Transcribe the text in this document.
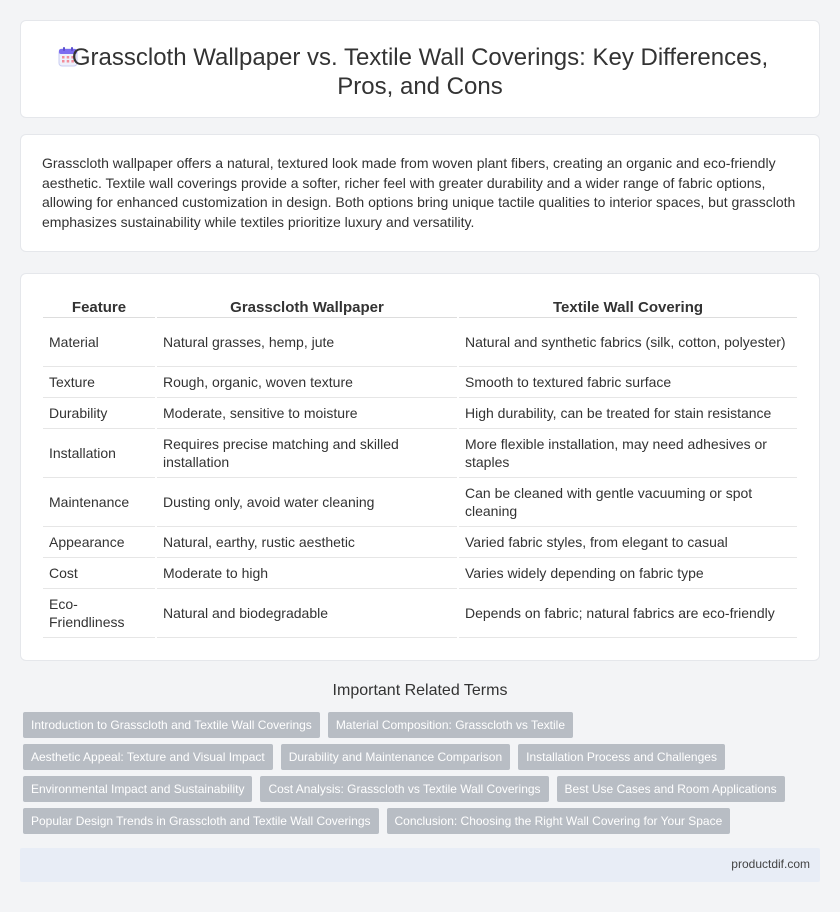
Grasscloth Wallpaper vs. Textile Wall Coverings: Key Differences,
Pros, and Cons

Grasscloth wallpaper offers a natural, textured look made from woven plant fibers, creating an organic and eco-friendly aesthetic. Textile wall coverings provide a softer, richer feel with greater durability and a wider range of fabric options, allowing for enhanced customization in design. Both options bring unique tactile qualities to interior spaces, but grasscloth emphasizes sustainability while textiles prioritize luxury and versatility.

Feature	Grasscloth Wallpaper	Textile Wall Covering
Material	Natural grasses, hemp, jute	Natural and synthetic fabrics (silk, cotton, polyester)
Texture	Rough, organic, woven texture	Smooth to textured fabric surface
Durability	Moderate, sensitive to moisture	High durability, can be treated for stain resistance
Installation	Requires precise matching and skilled installation	More flexible installation, may need adhesives or staples
Maintenance	Dusting only, avoid water cleaning	Can be cleaned with gentle vacuuming or spot cleaning
Appearance	Natural, earthy, rustic aesthetic	Varied fabric styles, from elegant to casual
Cost	Moderate to high	Varies widely depending on fabric type
Eco-Friendliness	Natural and biodegradable	Depends on fabric; natural fabrics are eco-friendly
Important Related Terms
Introduction to Grasscloth and Textile Wall Coverings	Material Composition: Grasscloth vs Textile
Aesthetic Appeal: Texture and Visual Impact	Durability and Maintenance Comparison	Installation Process and Challenges
Environmental Impact and Sustainability	Cost Analysis: Grasscloth vs Textile Wall Coverings	Best Use Cases and Room Applications
Popular Design Trends in Grasscloth and Textile Wall Coverings	Conclusion: Choosing the Right Wall Covering for Your Space
productdif.com
